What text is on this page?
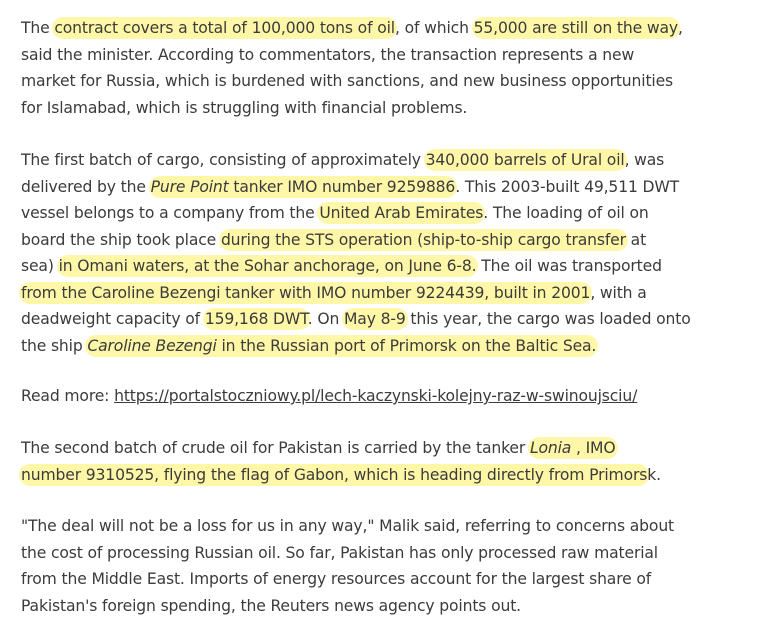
The contract covers a total of 100,000 tons of oil, of which 55,000 are still on the way,
said the minister. According to commentators, the transaction represents a new
market for Russia, which is burdened with sanctions, and new business opportunities
for Islamabad, which is struggling with financial problems.

The first batch of cargo, consisting of approximately 340,000 barrels of Ural oil, was
delivered by the Pure Point tanker IMO number 9259886. This 2003-built 49,511 DWT
vessel belongs to a company from the United Arab Emirates. The loading of oil on
board the ship took place during the STS operation (ship-to-ship cargo transfer at
sea) in Omani waters, at the Sohar anchorage, on June 6-8. The oil was transported
from the Caroline Bezengi tanker with IMO number 9224439, built in 2001, with a
deadweight capacity of 159,168 DWT. On May 8-9 this year, the cargo was loaded onto
the ship Caroline Bezengi in the Russian port of Primorsk on the Baltic Sea.

Read more: https://portalstoczniowy.pl/lech-kaczynski-kolejny-raz-w-swinoujsciu/

The second batch of crude oil for Pakistan is carried by the tanker Lonia , IMO
number 9310525, flying the flag of Gabon, which is heading directly from Primorsk.

"The deal will not be a loss for us in any way," Malik said, referring to concerns about
the cost of processing Russian oil. So far, Pakistan has only processed raw material
from the Middle East. Imports of energy resources account for the largest share of
Pakistan's foreign spending, the Reuters news agency points out.
